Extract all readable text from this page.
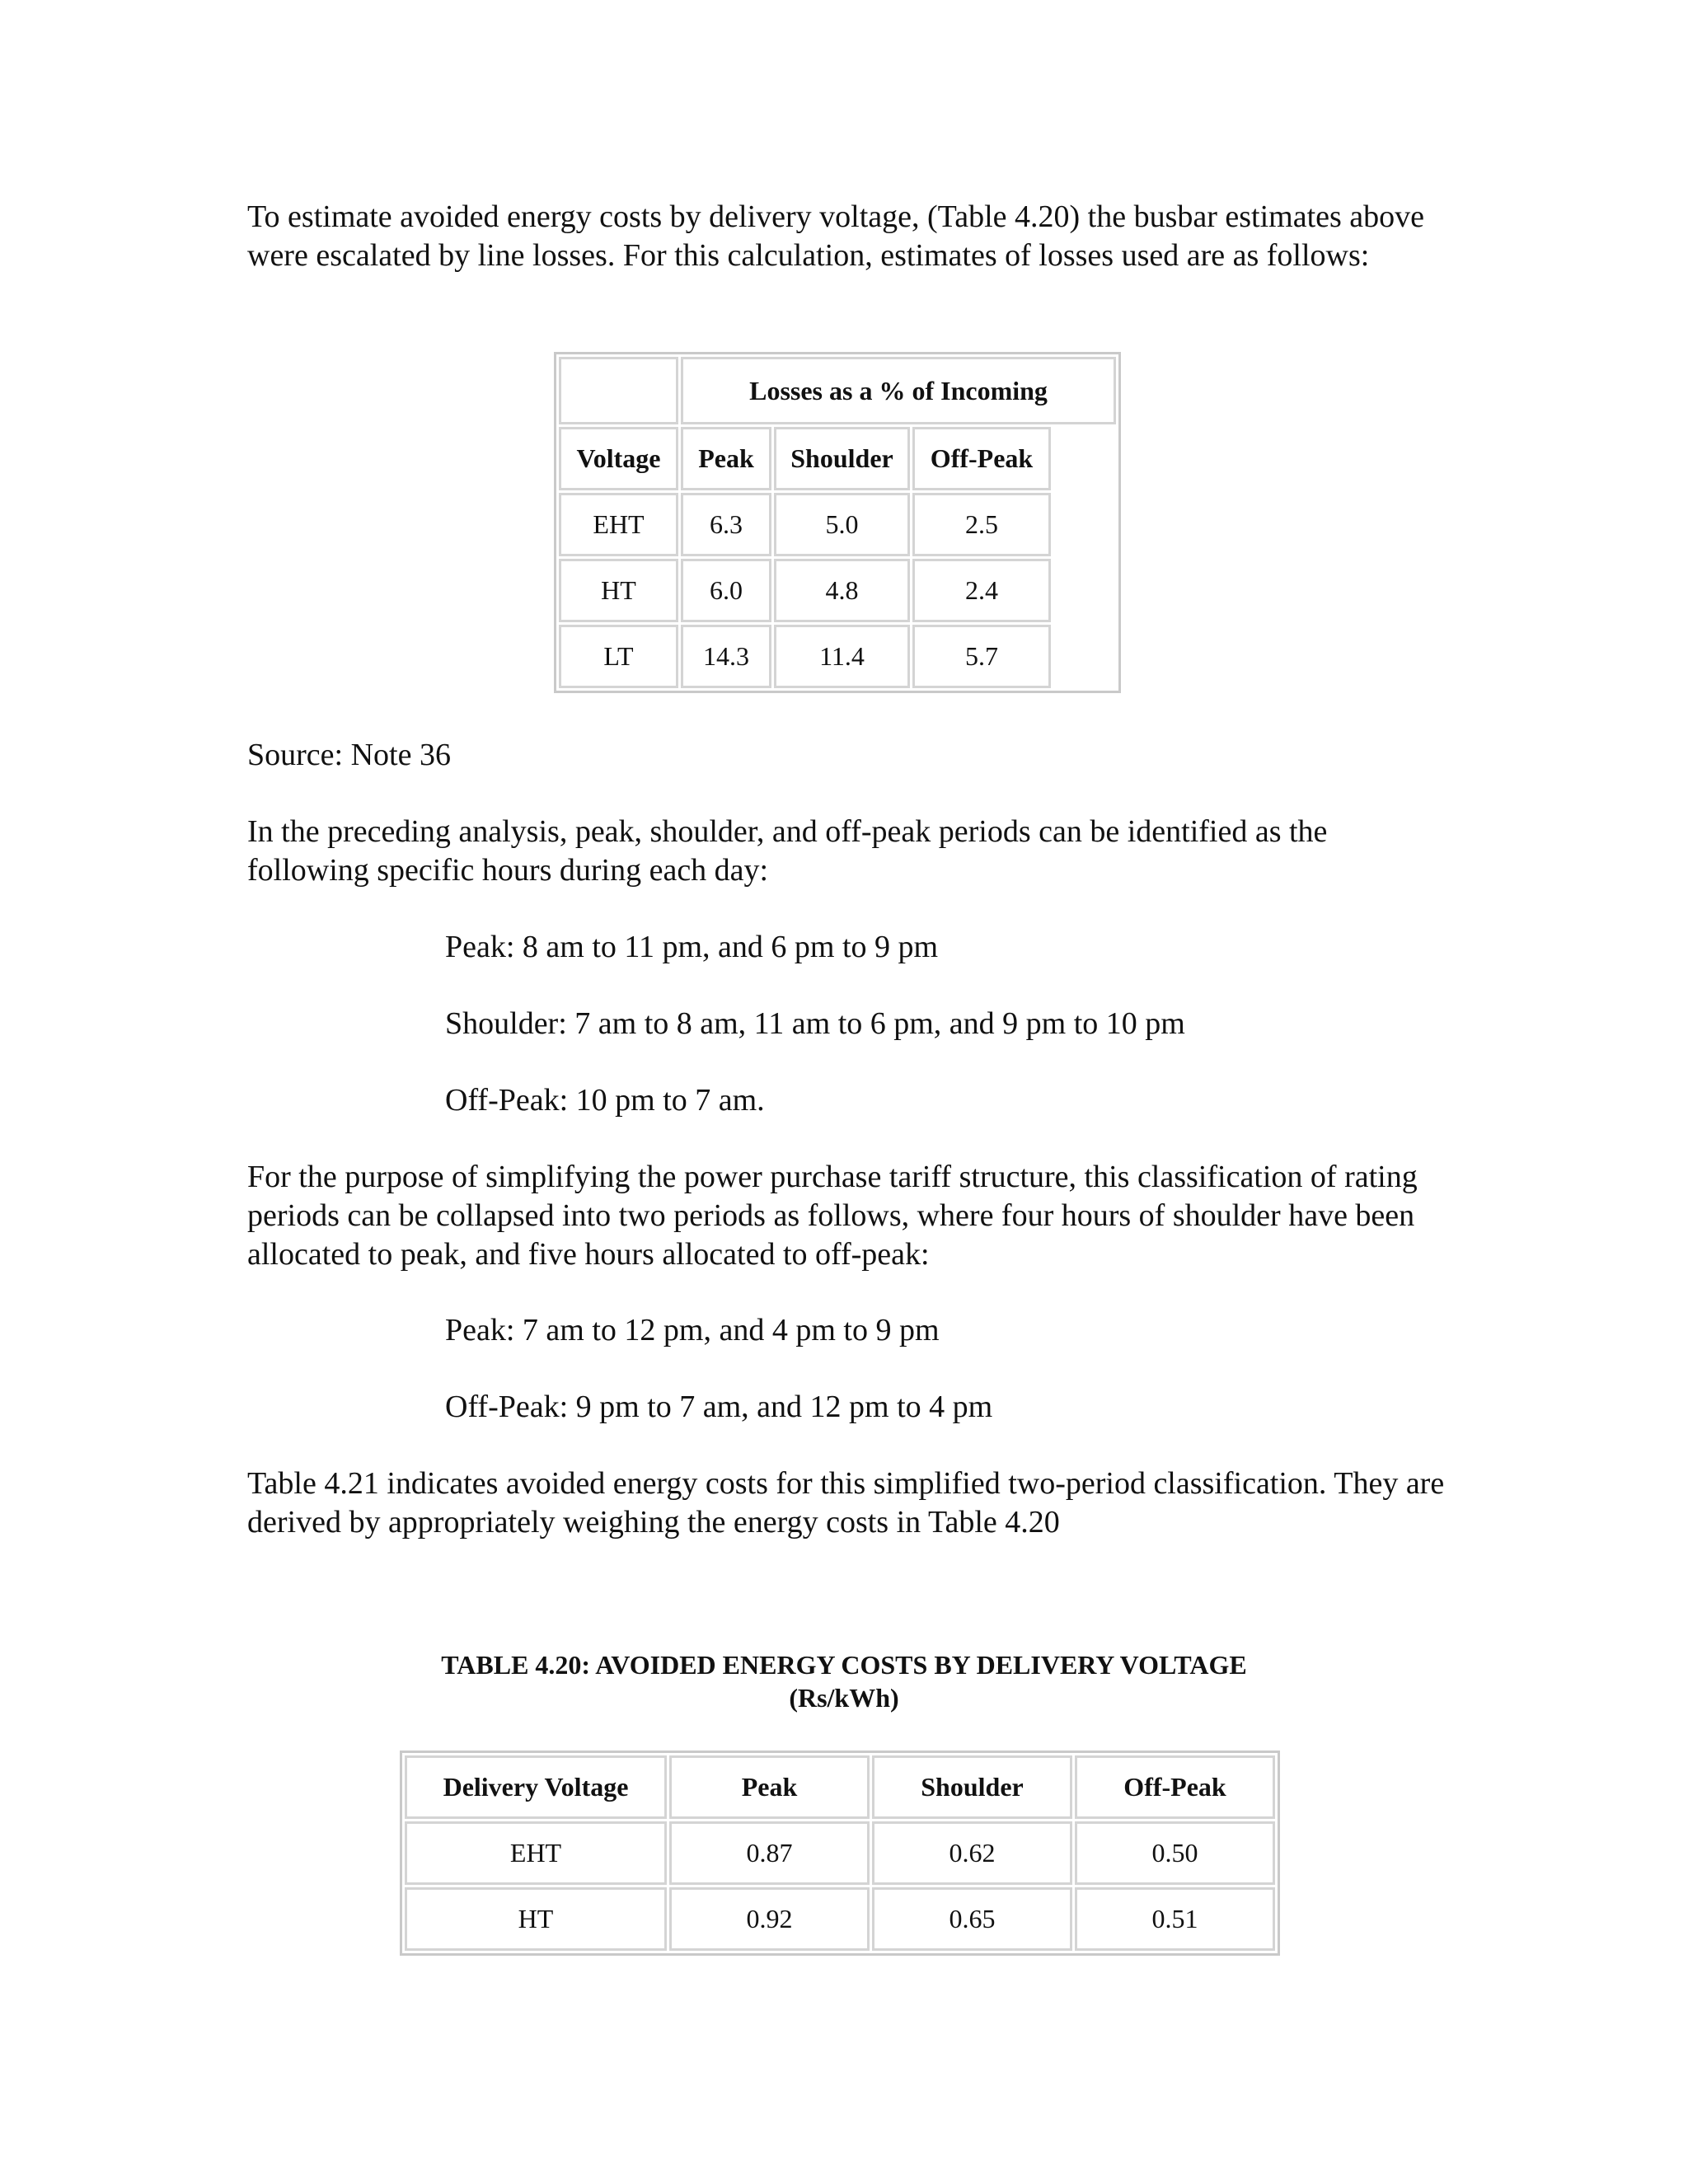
To estimate avoided energy costs by delivery voltage, (Table 4.20) the busbar estimates above were escalated by line losses. For this calculation, estimates of losses used are as follows:

	Losses as a % of Incoming			
Voltage	Peak	Shoulder	Off-Peak	
EHT	6.3	5.0	2.5	
HT	6.0	4.8	2.4	
LT	14.3	11.4	5.7	

Source: Note 36

In the preceding analysis, peak, shoulder, and off-peak periods can be identified as the following specific hours during each day:

Peak: 8 am to 11 pm, and 6 pm to 9 pm

Shoulder: 7 am to 8 am, 11 am to 6 pm, and 9 pm to 10 pm

Off-Peak: 10 pm to 7 am.

For the purpose of simplifying the power purchase tariff structure, this classification of rating periods can be collapsed into two periods as follows, where four hours of shoulder have been allocated to peak, and five hours allocated to off-peak:

Peak: 7 am to 12 pm, and 4 pm to 9 pm

Off-Peak: 9 pm to 7 am, and 12 pm to 4 pm

Table 4.21 indicates avoided energy costs for this simplified two-period classification. They are derived by appropriately weighing the energy costs in Table 4.20

TABLE 4.20: AVOIDED ENERGY COSTS BY DELIVERY VOLTAGE
(Rs/kWh)

Delivery Voltage	Peak	Shoulder	Off-Peak
EHT	0.87	0.62	0.50
HT	0.92	0.65	0.51
